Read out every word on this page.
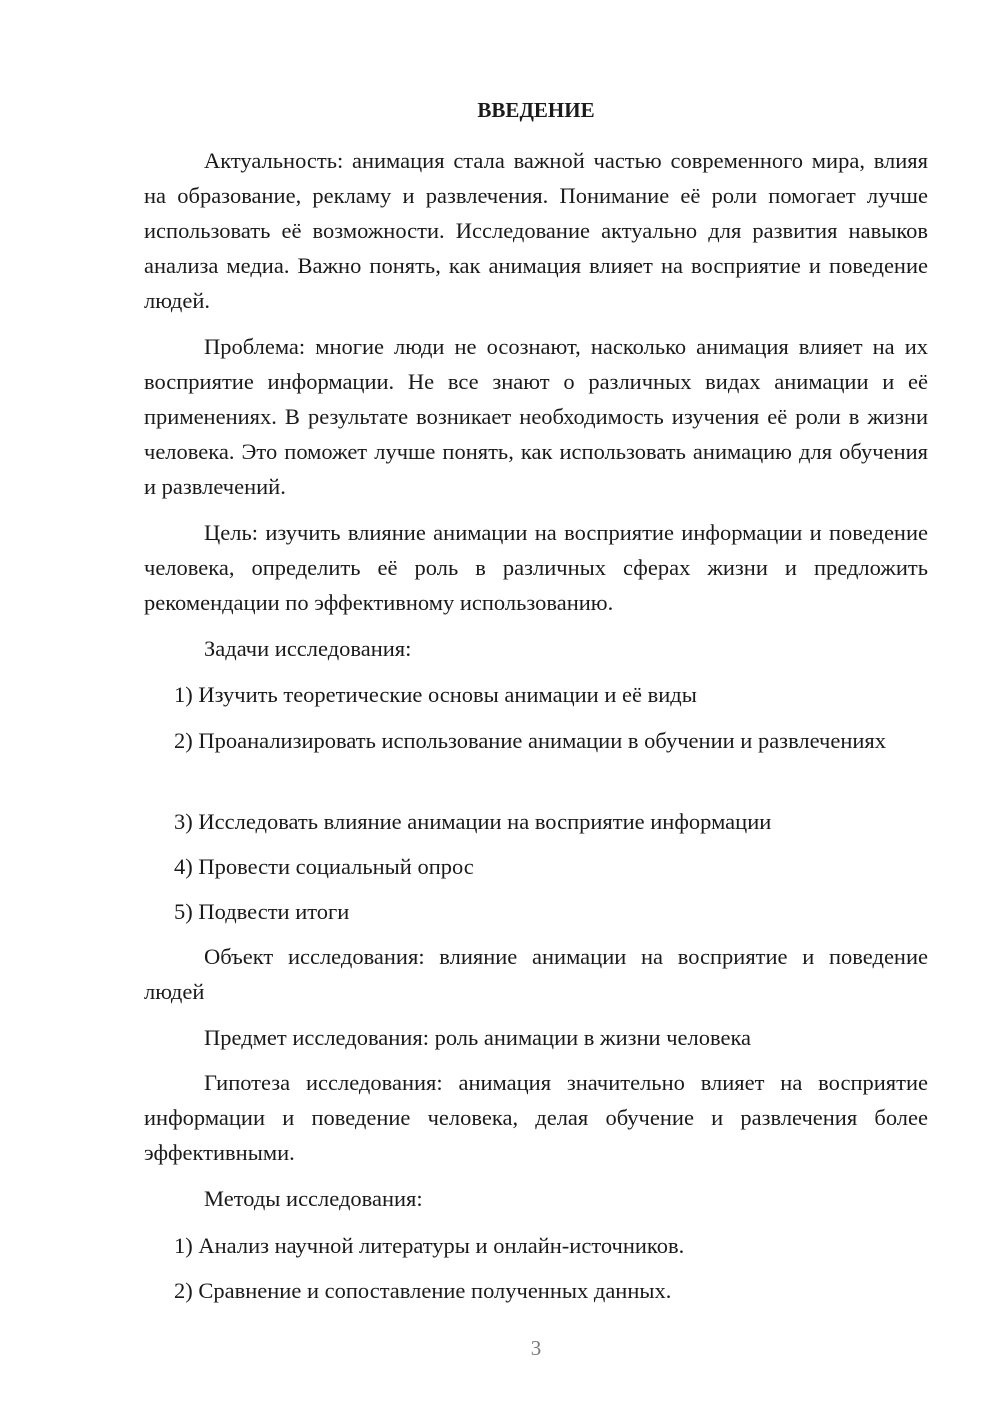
ВВЕДЕНИЕ

Актуальность: анимация стала важной частью современного мира, влияя на образование, рекламу и развлечения. Понимание её роли помогает лучше использовать её возможности. Исследование актуально для развития навыков анализа медиа. Важно понять, как анимация влияет на восприятие и поведение людей.

Проблема: многие люди не осознают, насколько анимация влияет на их восприятие информации. Не все знают о различных видах анимации и её применениях. В результате возникает необходимость изучения её роли в жизни человека. Это поможет лучше понять, как использовать анимацию для обучения и развлечений.

Цель: изучить влияние анимации на восприятие информации и поведение человека, определить её роль в различных сферах жизни и предложить рекомендации по эффективному использованию.

Задачи исследования:

1) Изучить теоретические основы анимации и её виды

2) Проанализировать использование анимации в обучении и развлечениях

3) Исследовать влияние анимации на восприятие информации

4) Провести социальный опрос

5) Подвести итоги

Объект исследования: влияние анимации на восприятие и поведение людей

Предмет исследования: роль анимации в жизни человека

Гипотеза исследования: анимация значительно влияет на восприятие информации и поведение человека, делая обучение и развлечения более эффективными.

Методы исследования:

1) Анализ научной литературы и онлайн-источников.

2) Сравнение и сопоставление полученных данных.

3
